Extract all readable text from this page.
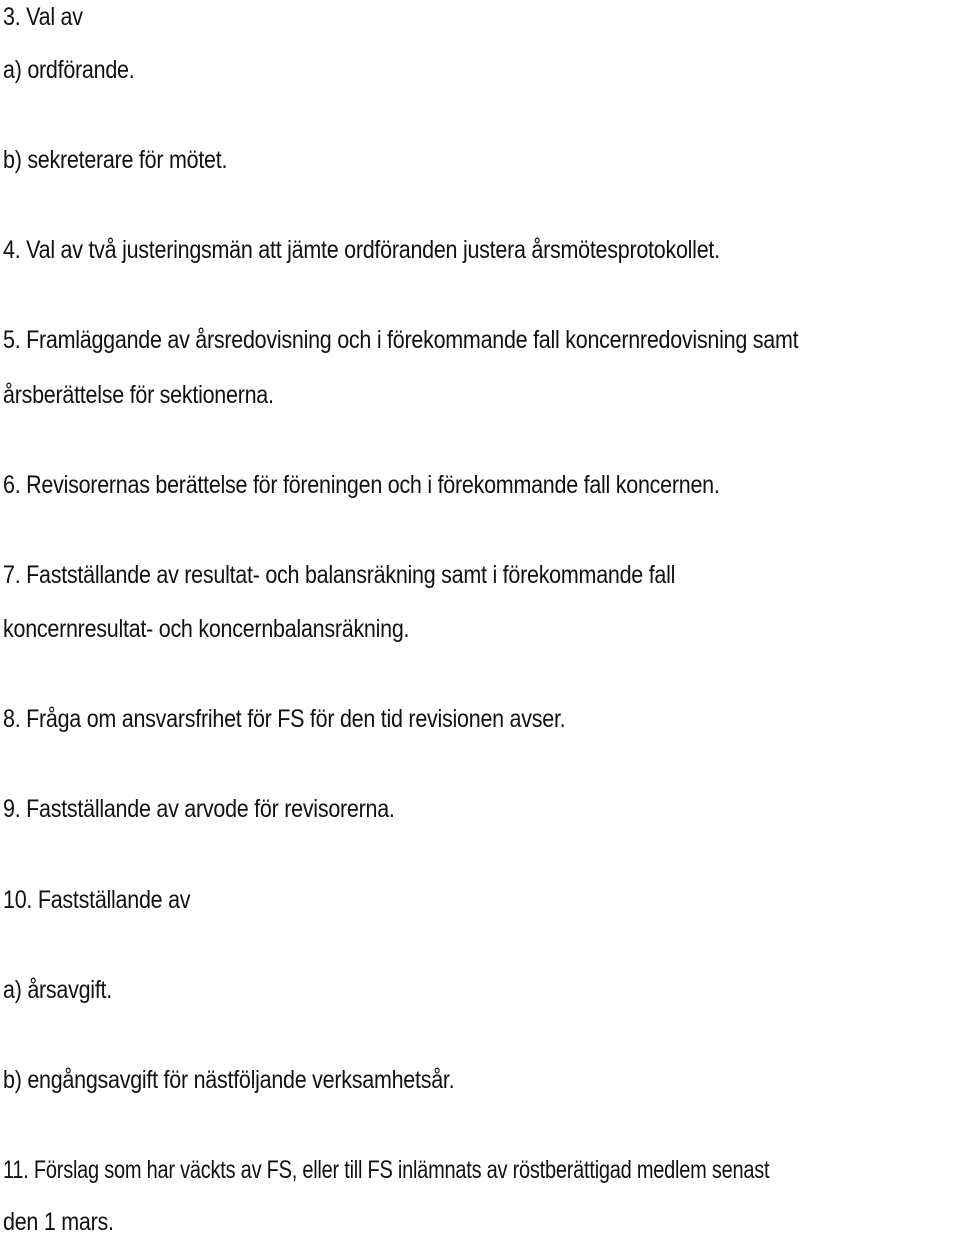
3. Val av

a) ordförande.

b) sekreterare för mötet.

4. Val av två justeringsmän att jämte ordföranden justera årsmötesprotokollet.

5. Framläggande av årsredovisning och i förekommande fall koncernredovisning samt

årsberättelse för sektionerna.

6. Revisorernas berättelse för föreningen och i förekommande fall koncernen.

7. Fastställande av resultat- och balansräkning samt i förekommande fall

koncernresultat- och koncernbalansräkning.

8. Fråga om ansvarsfrihet för FS för den tid revisionen avser.

9. Fastställande av arvode för revisorerna.

10. Fastställande av

a) årsavgift.

b) engångsavgift för nästföljande verksamhetsår.

11. Förslag som har väckts av FS, eller till FS inlämnats av röstberättigad medlem senast

den 1 mars.
